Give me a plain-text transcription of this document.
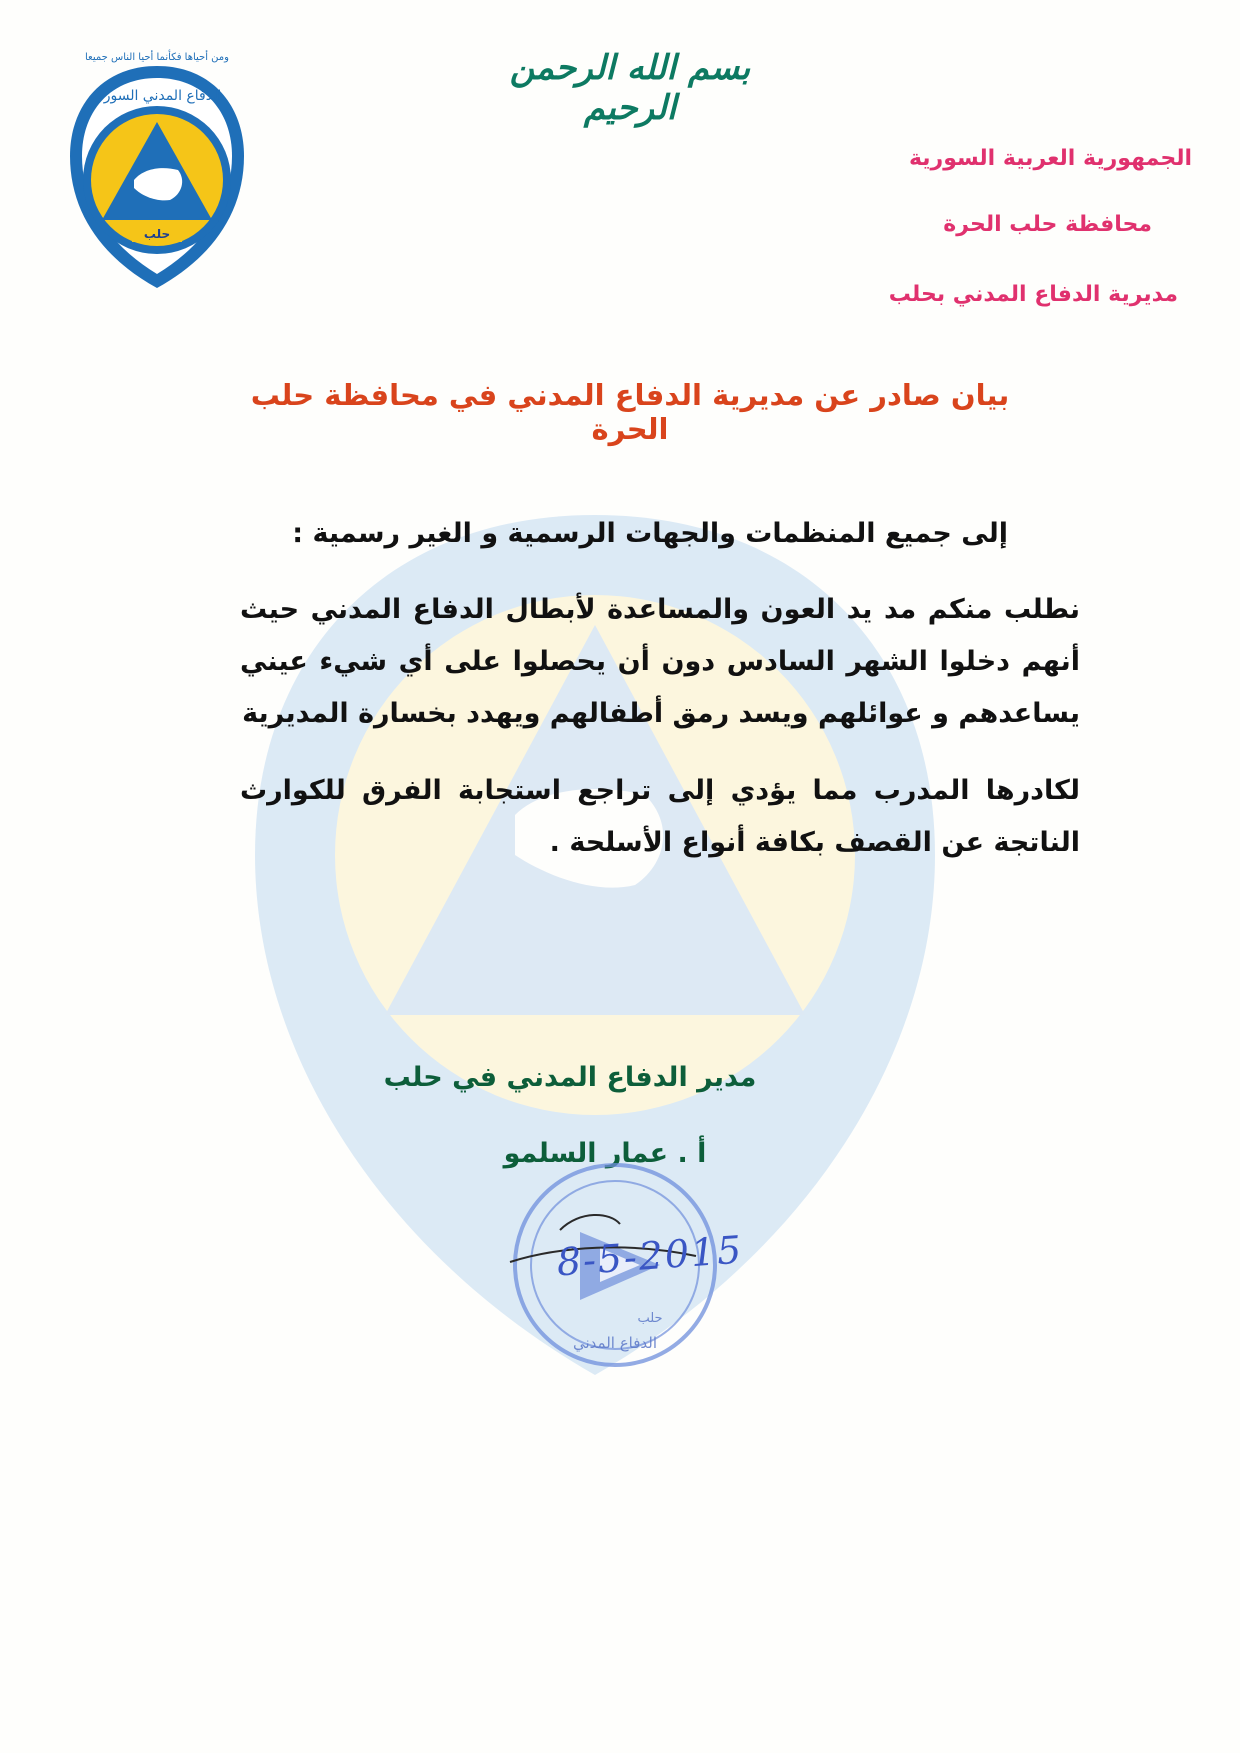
حلب
الدفاع المدني السوري
ومن أحياها فكأنما أحيا الناس جميعا	بسم الله الرحمن الرحيم
الجمهورية العربية السورية
محافظة حلب الحرة
مديرية الدفاع المدني بحلب
بيان صادر عن مديرية الدفاع المدني في محافظة حلب الحرة
إلى جميع المنظمات والجهات الرسمية و الغير رسمية :
نطلب منكم مد يد العون والمساعدة لأبطال الدفاع المدني حيث أنهم دخلوا الشهر السادس دون أن يحصلوا على أي شيء عيني يساعدهم و عوائلهم ويسد رمق أطفالهم ويهدد بخسارة المديرية
لكادرها المدرب مما يؤدي إلى تراجع استجابة الفرق للكوارث الناتجة عن القصف بكافة أنواع الأسلحة .
مدير الدفاع المدني في حلب
أ . عمار السلمو
الدفاع المدني
حلب
8-5-2015
